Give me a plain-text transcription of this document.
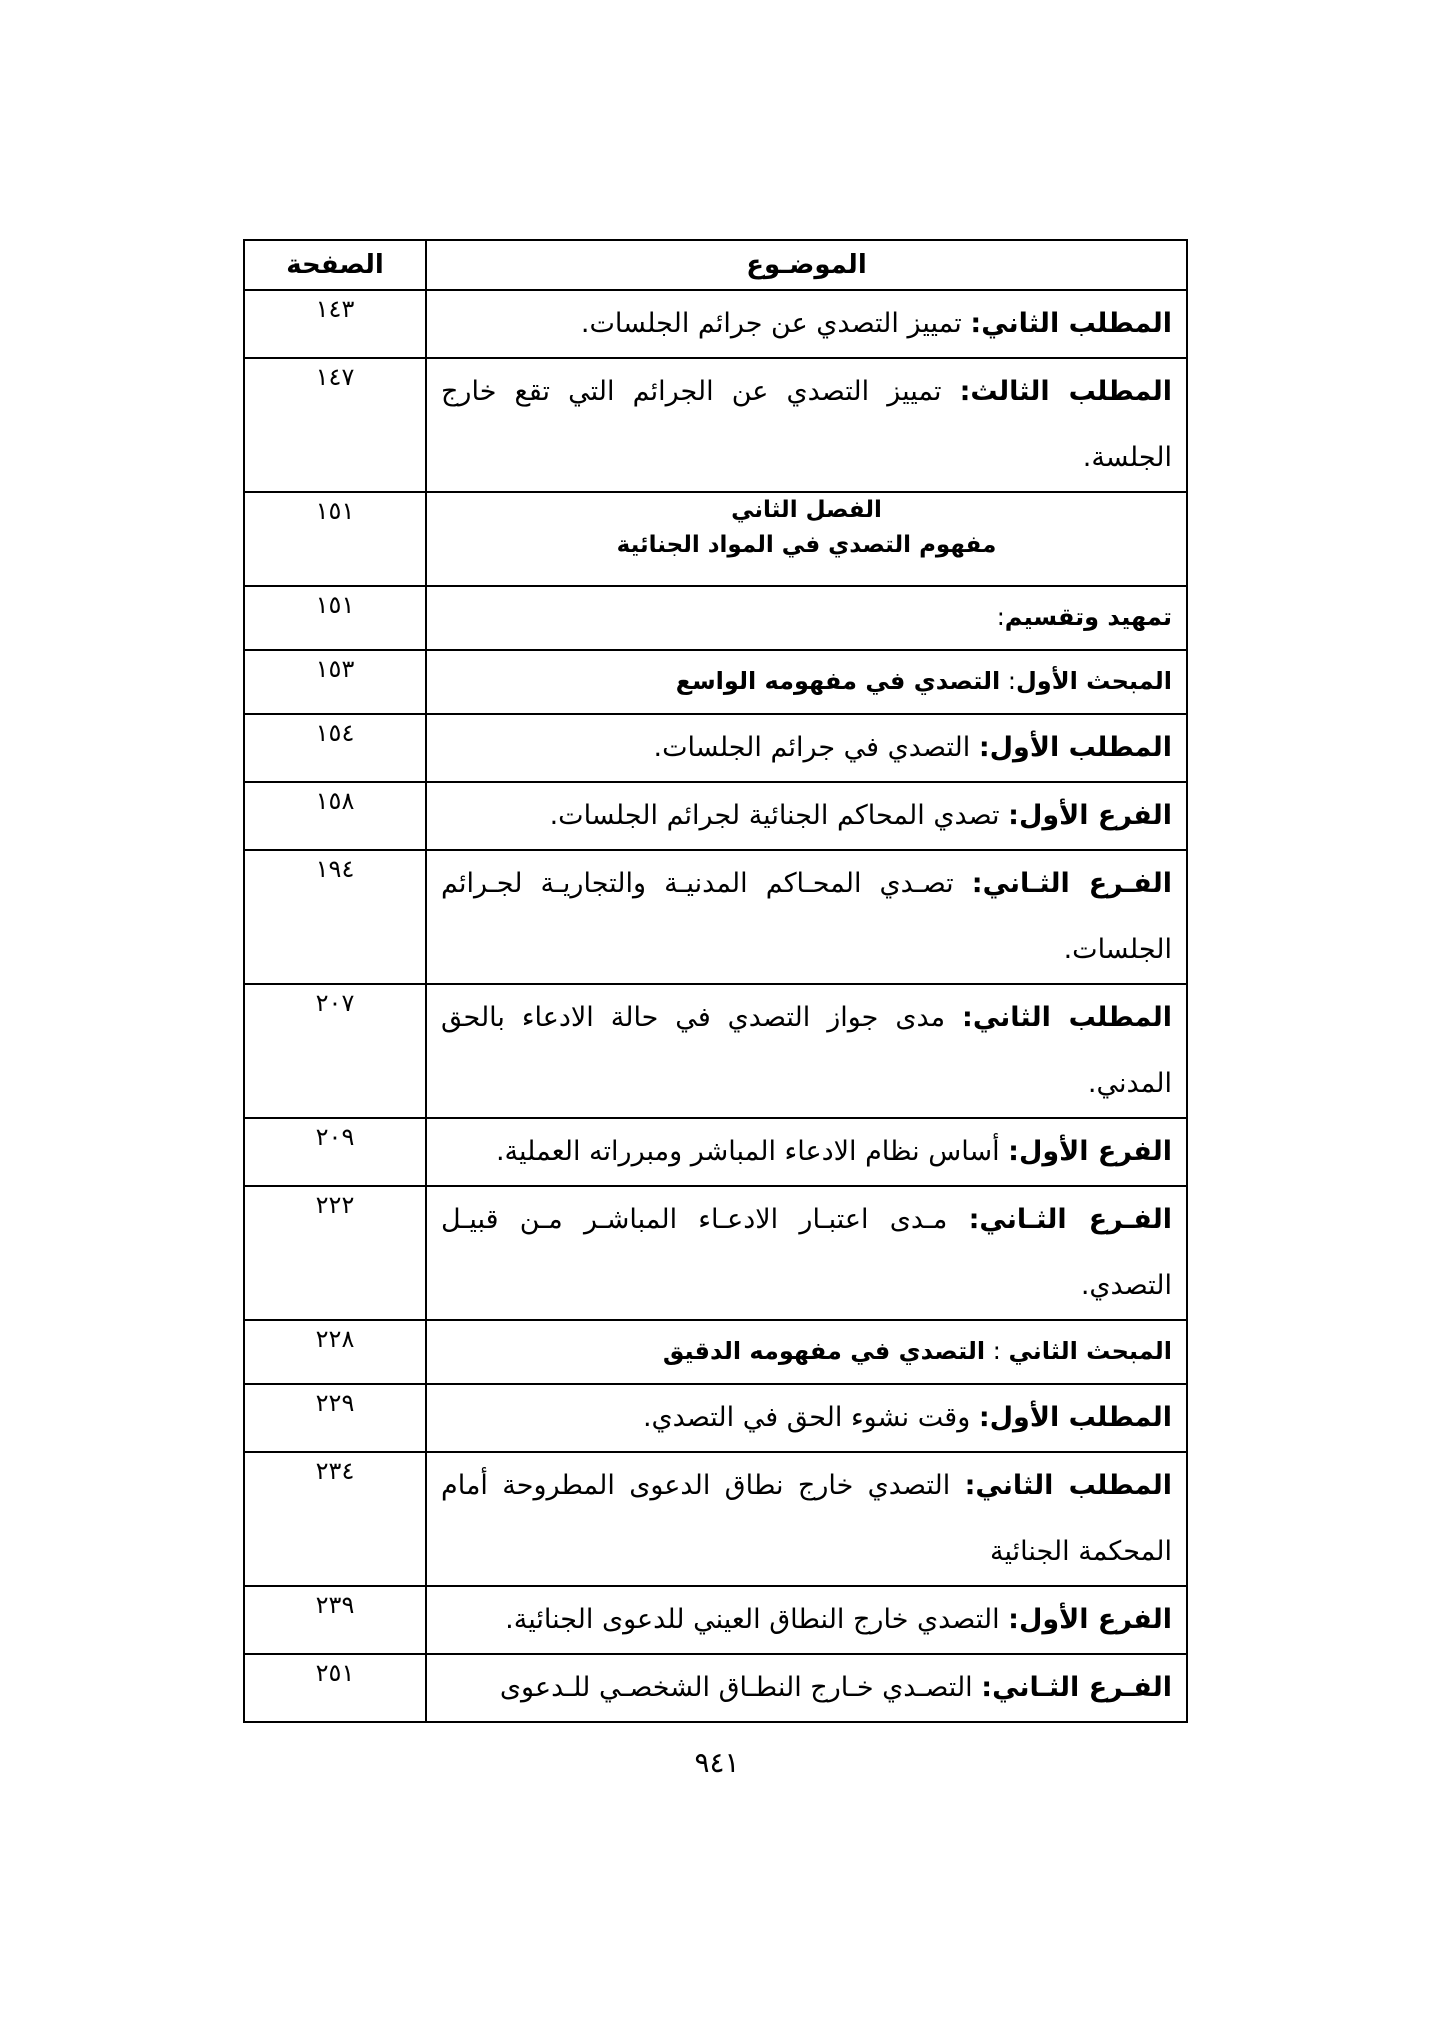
الموضـوع	الصفحة
المطلب الثاني: تمييز التصدي عن جرائم الجلسات.	١٤٣
المطلب الثالث: تمييز التصدي عن الجرائم التي تقع خارج الجلسة.	١٤٧

الفصل الثاني
مفهوم التصدي في المواد الجنائية	١٥١
تمهيد وتقسيم:	١٥١
المبحث الأول: التصدي في مفهومه الواسع	١٥٣
المطلب الأول: التصدي في جرائم الجلسات.	١٥٤
الفرع الأول: تصدي المحاكم الجنائية لجرائم الجلسات.	١٥٨
الفـرع الثـاني: تصـدي المحـاكم المدنيـة والتجاريـة لجـرائم الجلسات.	١٩٤
المطلب الثاني: مدى جواز التصدي في حالة الادعاء بالحق المدني.	٢٠٧
الفرع الأول: أساس نظام الادعاء المباشر ومبرراته العملية.	٢٠٩
الفـرع الثـاني: مـدى اعتبـار الادعـاء المباشـر مـن قبيـل التصدي.	٢٢٢
المبحث الثاني : التصدي في مفهومه الدقيق	٢٢٨
المطلب الأول: وقت نشوء الحق في التصدي.	٢٢٩
المطلب الثاني: التصدي خارج نطاق الدعوى المطروحة أمام المحكمة الجنائية	٢٣٤
الفرع الأول: التصدي خارج النطاق العيني للدعوى الجنائية.	٢٣٩
الفـرع الثـاني: التصـدي خـارج النطـاق الشخصـي للـدعوى	٢٥١
٩٤١
